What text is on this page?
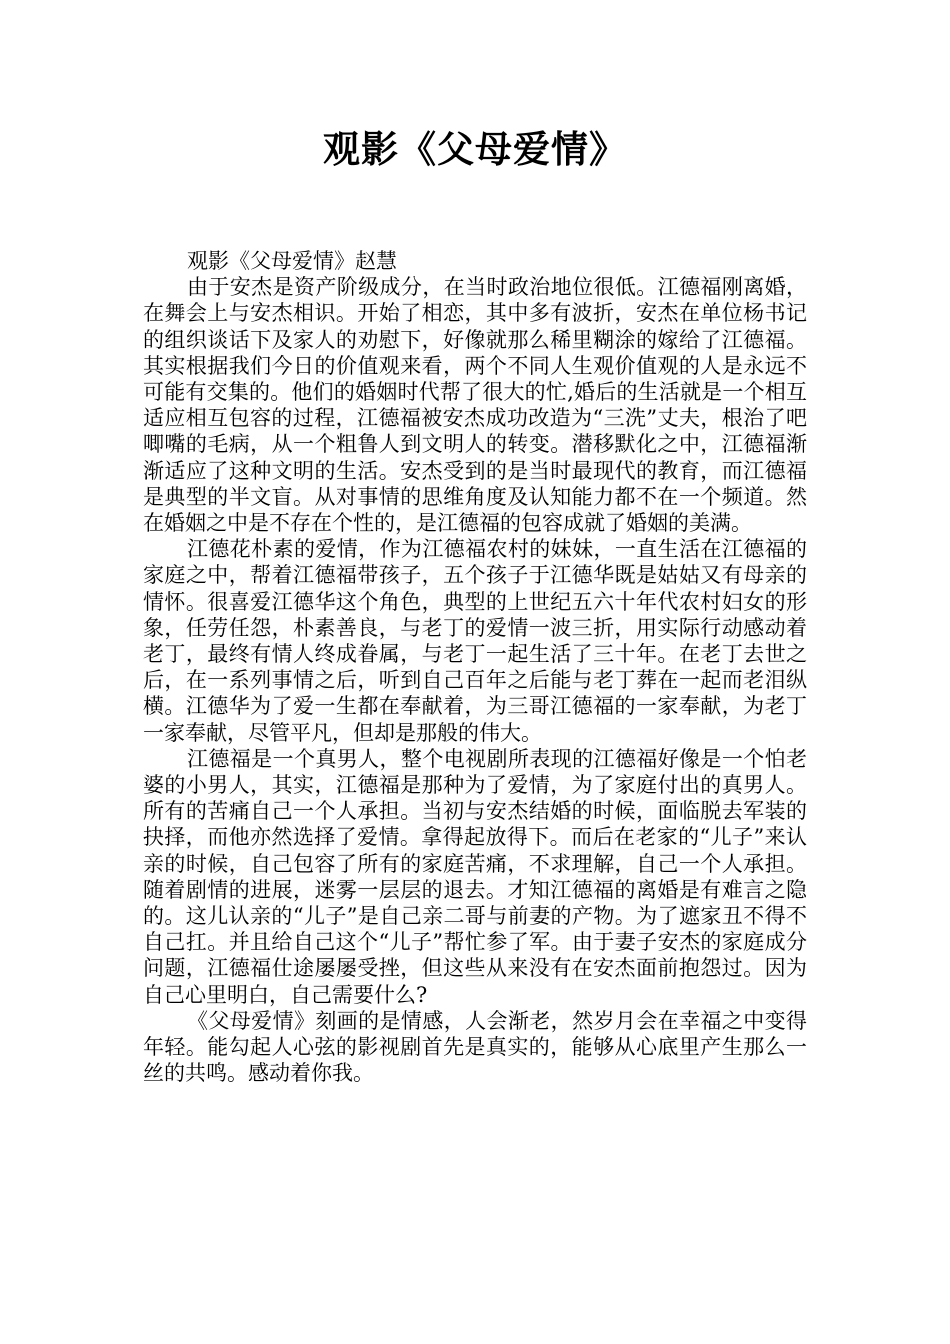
观影《父母爱情》

观影《父母爱情》赵慧

由于安杰是资产阶级成分，在当时政治地位很低。江德福刚离婚，在舞会上与安杰相识。开始了相恋，其中多有波折，安杰在单位杨书记的组织谈话下及家人的劝慰下，好像就那么稀里糊涂的嫁给了江德福。其实根据我们今日的价值观来看，两个不同人生观价值观的人是永远不可能有交集的。他们的婚姻时代帮了很大的忙,婚后的生活就是一个相互适应相互包容的过程，江德福被安杰成功改造为“三洗”丈夫，根治了吧唧嘴的毛病，从一个粗鲁人到文明人的转变。潜移默化之中，江德福渐渐适应了这种文明的生活。安杰受到的是当时最现代的教育，而江德福是典型的半文盲。从对事情的思维角度及认知能力都不在一个频道。然在婚姻之中是不存在个性的，是江德福的包容成就了婚姻的美满。

江德花朴素的爱情，作为江德福农村的妹妹，一直生活在江德福的家庭之中，帮着江德福带孩子，五个孩子于江德华既是姑姑又有母亲的情怀。很喜爱江德华这个角色，典型的上世纪五六十年代农村妇女的形象，任劳任怨，朴素善良，与老丁的爱情一波三折，用实际行动感动着老丁，最终有情人终成眷属，与老丁一起生活了三十年。在老丁去世之后，在一系列事情之后，听到自己百年之后能与老丁葬在一起而老泪纵横。江德华为了爱一生都在奉献着，为三哥江德福的一家奉献，为老丁一家奉献，尽管平凡，但却是那般的伟大。

江德福是一个真男人，整个电视剧所表现的江德福好像是一个怕老婆的小男人，其实，江德福是那种为了爱情，为了家庭付出的真男人。所有的苦痛自己一个人承担。当初与安杰结婚的时候，面临脱去军装的抉择，而他亦然选择了爱情。拿得起放得下。而后在老家的“儿子”来认亲的时候，自己包容了所有的家庭苦痛，不求理解，自己一个人承担。随着剧情的进展，迷雾一层层的退去。才知江德福的离婚是有难言之隐的。这儿认亲的“儿子”是自己亲二哥与前妻的产物。为了遮家丑不得不自己扛。并且给自己这个“儿子”帮忙参了军。由于妻子安杰的家庭成分问题，江德福仕途屡屡受挫，但这些从来没有在安杰面前抱怨过。因为自己心里明白，自己需要什么?

《父母爱情》刻画的是情感，人会渐老，然岁月会在幸福之中变得年轻。能勾起人心弦的影视剧首先是真实的，能够从心底里产生那么一丝的共鸣。感动着你我。
